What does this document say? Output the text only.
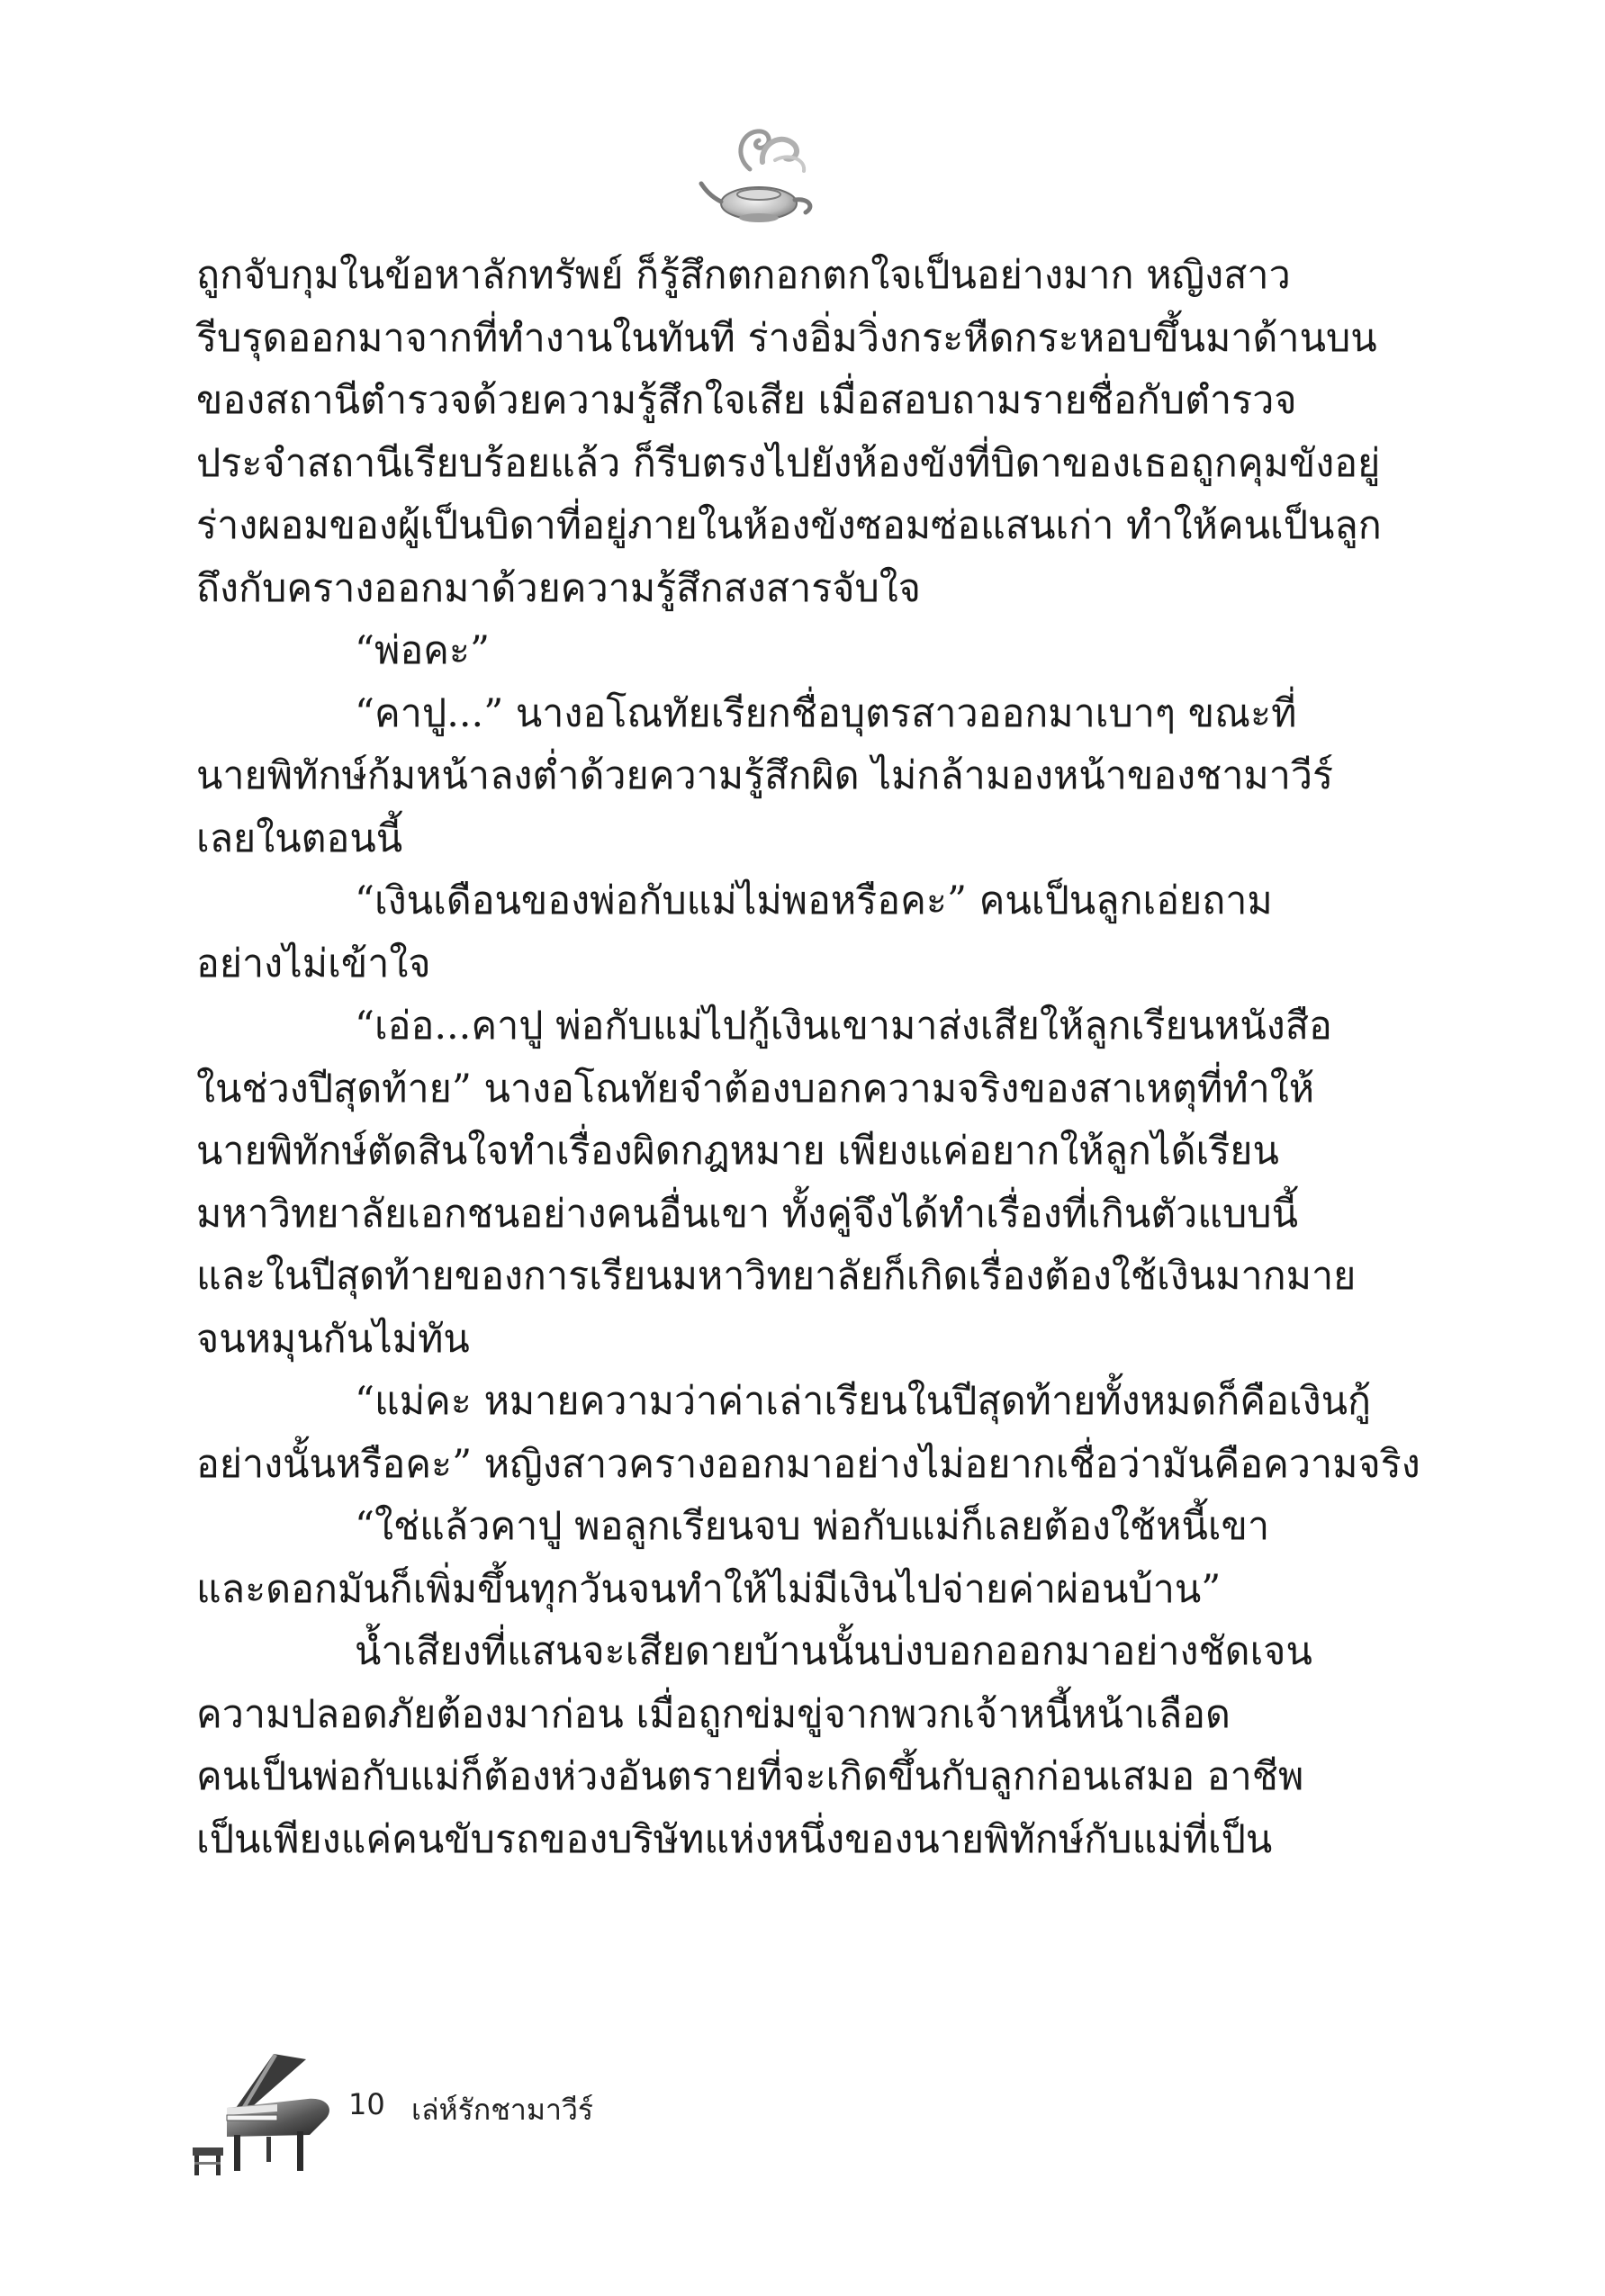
ถูกจับกุมในข้อหาลักทรัพย์ ก็รู้สึกตกอกตกใจเป็นอย่างมาก หญิงสาว
รีบรุดออกมาจากที่ทำงานในทันที ร่างอิ่มวิ่งกระหืดกระหอบขึ้นมาด้านบน
ของสถานีตำรวจด้วยความรู้สึกใจเสีย เมื่อสอบถามรายชื่อกับตำรวจ
ประจำสถานีเรียบร้อยแล้ว ก็รีบตรงไปยังห้องขังที่บิดาของเธอถูกคุมขังอยู่
ร่างผอมของผู้เป็นบิดาที่อยู่ภายในห้องขังซอมซ่อแสนเก่า ทำให้คนเป็นลูก
ถึงกับครางออกมาด้วยความรู้สึกสงสารจับใจ
“พ่อคะ”
“คาปู...” นางอโณทัยเรียกชื่อบุตรสาวออกมาเบาๆ ขณะที่
นายพิทักษ์ก้มหน้าลงต่ำด้วยความรู้สึกผิด ไม่กล้ามองหน้าของชามาวีร์
เลยในตอนนี้
“เงินเดือนของพ่อกับแม่ไม่พอหรือคะ” คนเป็นลูกเอ่ยถาม
อย่างไม่เข้าใจ
“เอ่อ...คาปู พ่อกับแม่ไปกู้เงินเขามาส่งเสียให้ลูกเรียนหนังสือ
ในช่วงปีสุดท้าย” นางอโณทัยจำต้องบอกความจริงของสาเหตุที่ทำให้
นายพิทักษ์ตัดสินใจทำเรื่องผิดกฎหมาย เพียงแค่อยากให้ลูกได้เรียน
มหาวิทยาลัยเอกชนอย่างคนอื่นเขา ทั้งคู่จึงได้ทำเรื่องที่เกินตัวแบบนี้
และในปีสุดท้ายของการเรียนมหาวิทยาลัยก็เกิดเรื่องต้องใช้เงินมากมาย
จนหมุนกันไม่ทัน
“แม่คะ หมายความว่าค่าเล่าเรียนในปีสุดท้ายทั้งหมดก็คือเงินกู้
อย่างนั้นหรือคะ” หญิงสาวครางออกมาอย่างไม่อยากเชื่อว่ามันคือความจริง
“ใช่แล้วคาปู พอลูกเรียนจบ พ่อกับแม่ก็เลยต้องใช้หนี้เขา
และดอกมันก็เพิ่มขึ้นทุกวันจนทำให้ไม่มีเงินไปจ่ายค่าผ่อนบ้าน”
น้ำเสียงที่แสนจะเสียดายบ้านนั้นบ่งบอกออกมาอย่างชัดเจน
ความปลอดภัยต้องมาก่อน เมื่อถูกข่มขู่จากพวกเจ้าหนี้หน้าเลือด
คนเป็นพ่อกับแม่ก็ต้องห่วงอันตรายที่จะเกิดขึ้นกับลูกก่อนเสมอ อาชีพ
เป็นเพียงแค่คนขับรถของบริษัทแห่งหนึ่งของนายพิทักษ์กับแม่ที่เป็น
10 เล่ห์รักชามาวีร์
